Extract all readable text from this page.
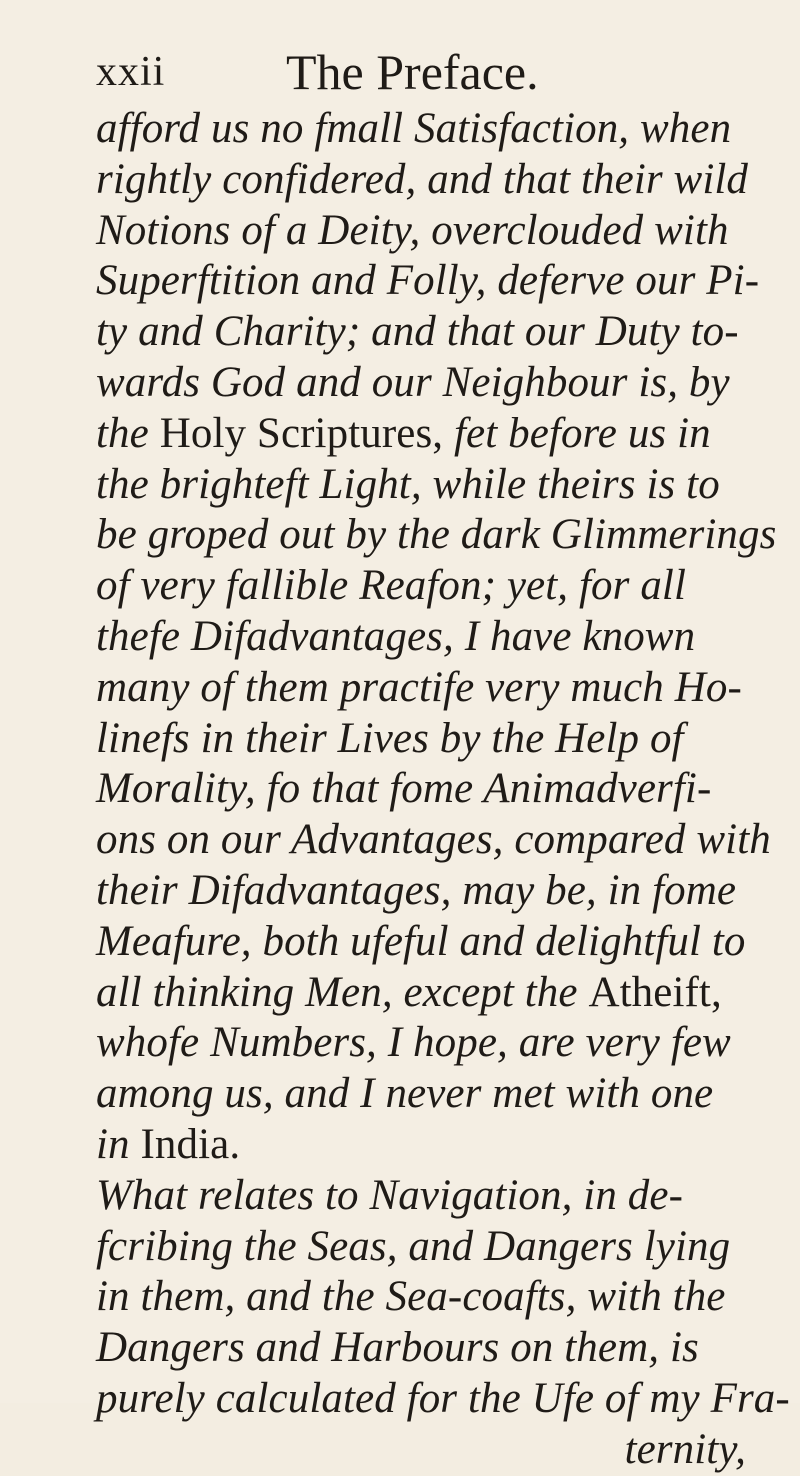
xxii The Preface.
afford us no fmall Satisfaction, when
rightly confidered, and that their wild
Notions of a Deity, overclouded with
Superftition and Folly, deferve our Pi-
ty and Charity; and that our Duty to-
wards God and our Neighbour is, by
the Holy Scriptures, fet before us in
the brighteft Light, while theirs is to
be groped out by the dark Glimmerings
of very fallible Reafon; yet, for all
thefe Difadvantages, I have known
many of them practife very much Ho-
linefs in their Lives by the Help of
Morality, fo that fome Animadverfi-
ons on our Advantages, compared with
their Difadvantages, may be, in fome
Meafure, both ufeful and delightful to
all thinking Men, except the Atheift,
whofe Numbers, I hope, are very few
among us, and I never met with one
in India.
What relates to Navigation, in de-
fcribing the Seas, and Dangers lying
in them, and the Sea-coafts, with the
Dangers and Harbours on them, is
purely calculated for the Ufe of my Fra-
ternity,
